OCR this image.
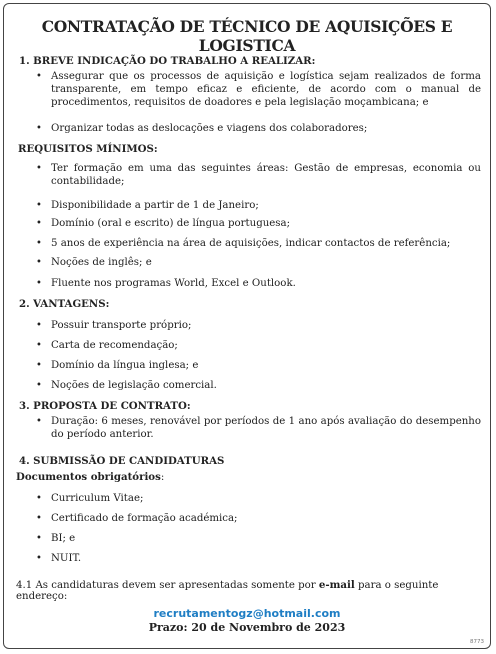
CONTRATAÇÃO DE TÉCNICO DE AQUISIÇÕES E LOGISTICA
1. BREVE INDICAÇÃO DO TRABALHO A REALIZAR:
• Assegurar que os processos de aquisição e logística sejam realizados de forma transparente, em tempo eficaz e eficiente, de acordo com o manual de procedimentos, requisitos de doadores e pela legislação moçambicana; e
• Organizar todas as deslocações e viagens dos colaboradores;
REQUISITOS MÍNIMOS:
• Ter formação em uma das seguintes áreas: Gestão de empresas, economia ou contabilidade;
• Disponibilidade a partir de 1 de Janeiro;
• Domínio (oral e escrito) de língua portuguesa;
• 5 anos de experiência na área de aquisições, indicar contactos de referência;
• Noções de inglês; e
• Fluente nos programas World, Excel e Outlook.
2. VANTAGENS:
• Possuir transporte próprio;
• Carta de recomendação;
• Domínio da língua inglesa; e
• Noções de legislação comercial.
3. PROPOSTA DE CONTRATO:
• Duração: 6 meses, renovável por períodos de 1 ano após avaliação do desempenho do período anterior.
4. SUBMISSÃO DE CANDIDATURAS
Documentos obrigatórios:
• Curriculum Vitae;
• Certificado de formação académica;
• BI; e
• NUIT.
4.1 As candidaturas devem ser apresentadas somente por e-mail para o seguinte endereço:
recrutamentogz@hotmail.com
Prazo: 20 de Novembro de 2023
8773
